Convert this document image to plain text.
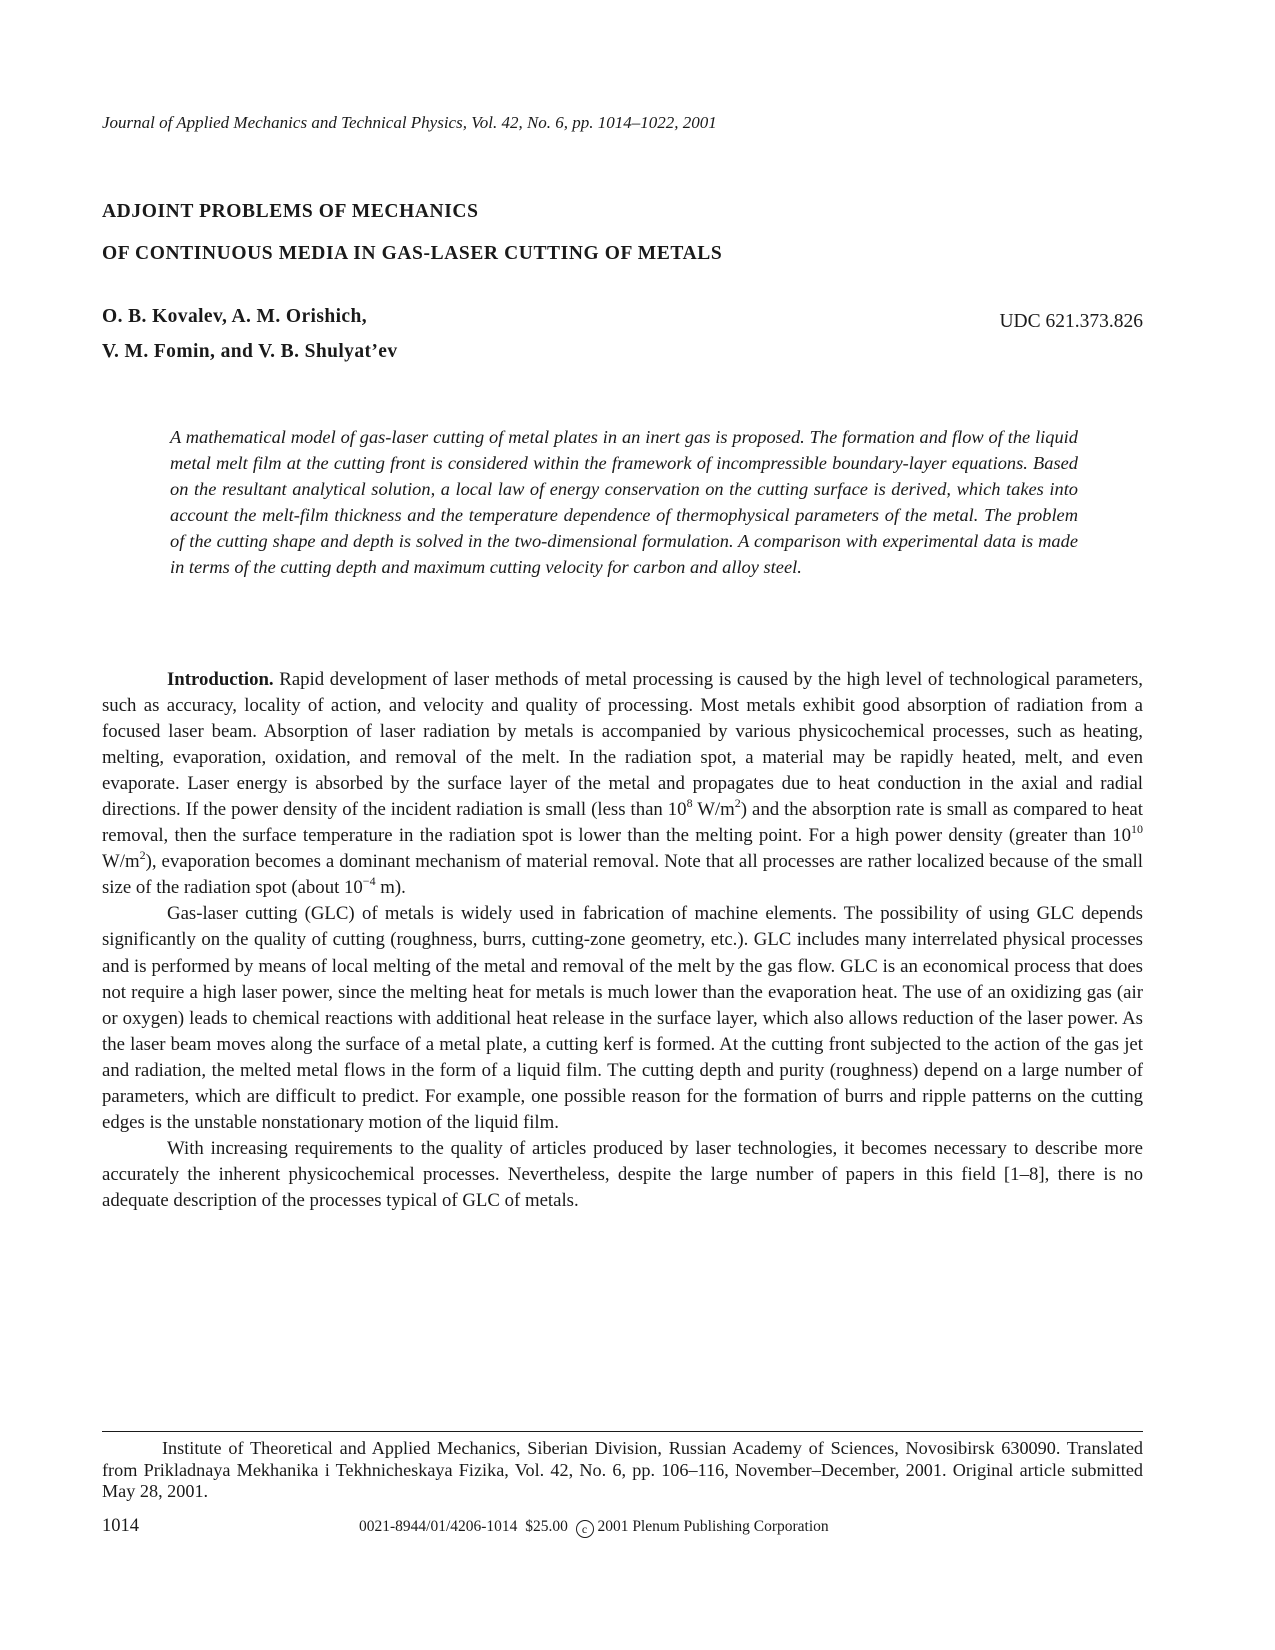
Journal of Applied Mechanics and Technical Physics, Vol. 42, No. 6, pp. 1014–1022, 2001
ADJOINT PROBLEMS OF MECHANICS
OF CONTINUOUS MEDIA IN GAS-LASER CUTTING OF METALS
O. B. Kovalev, A. M. Orishich,
V. M. Fomin, and V. B. Shulyat’ev
UDC 621.373.826
A mathematical model of gas-laser cutting of metal plates in an inert gas is proposed. The formation and flow of the liquid metal melt film at the cutting front is considered within the framework of incompressible boundary-layer equations. Based on the resultant analytical solution, a local law of energy conservation on the cutting surface is derived, which takes into account the melt-film thickness and the temperature dependence of thermophysical parameters of the metal. The problem of the cutting shape and depth is solved in the two-dimensional formulation. A comparison with experimental data is made in terms of the cutting depth and maximum cutting velocity for carbon and alloy steel.

Introduction. Rapid development of laser methods of metal processing is caused by the high level of technological parameters, such as accuracy, locality of action, and velocity and quality of processing. Most metals exhibit good absorption of radiation from a focused laser beam. Absorption of laser radiation by metals is accompanied by various physicochemical processes, such as heating, melting, evaporation, oxidation, and removal of the melt. In the radiation spot, a material may be rapidly heated, melt, and even evaporate. Laser energy is absorbed by the surface layer of the metal and propagates due to heat conduction in the axial and radial directions. If the power density of the incident radiation is small (less than $10^8$ $W/m^2$) and the absorption rate is small as compared to heat removal, then the surface temperature in the radiation spot is lower than the melting point. For a high power density (greater than $10^{10}$ $W/m^2$), evaporation becomes a dominant mechanism of material removal. Note that all processes are rather localized because of the small size of the radiation spot (about $10^{-4}$ m).

Gas-laser cutting (GLC) of metals is widely used in fabrication of machine elements. The possibility of using GLC depends significantly on the quality of cutting (roughness, burrs, cutting-zone geometry, etc.). GLC includes many interrelated physical processes and is performed by means of local melting of the metal and removal of the melt by the gas flow. GLC is an economical process that does not require a high laser power, since the melting heat for metals is much lower than the evaporation heat. The use of an oxidizing gas (air or oxygen) leads to chemical reactions with additional heat release in the surface layer, which also allows reduction of the laser power. As the laser beam moves along the surface of a metal plate, a cutting kerf is formed. At the cutting front subjected to the action of the gas jet and radiation, the melted metal flows in the form of a liquid film. The cutting depth and purity (roughness) depend on a large number of parameters, which are difficult to predict. For example, one possible reason for the formation of burrs and ripple patterns on the cutting edges is the unstable nonstationary motion of the liquid film.

With increasing requirements to the quality of articles produced by laser technologies, it becomes necessary to describe more accurately the inherent physicochemical processes. Nevertheless, despite the large number of papers in this field [1–8], there is no adequate description of the processes typical of GLC of metals.

Institute of Theoretical and Applied Mechanics, Siberian Division, Russian Academy of Sciences, Novosibirsk 630090. Translated from Prikladnaya Mekhanika i Tekhnicheskaya Fizika, Vol. 42, No. 6, pp. 106–116, November–December, 2001. Original article submitted May 28, 2001.

1014	0021-8944/01/4206-1014 $25.00 c 2001 Plenum Publishing Corporation
